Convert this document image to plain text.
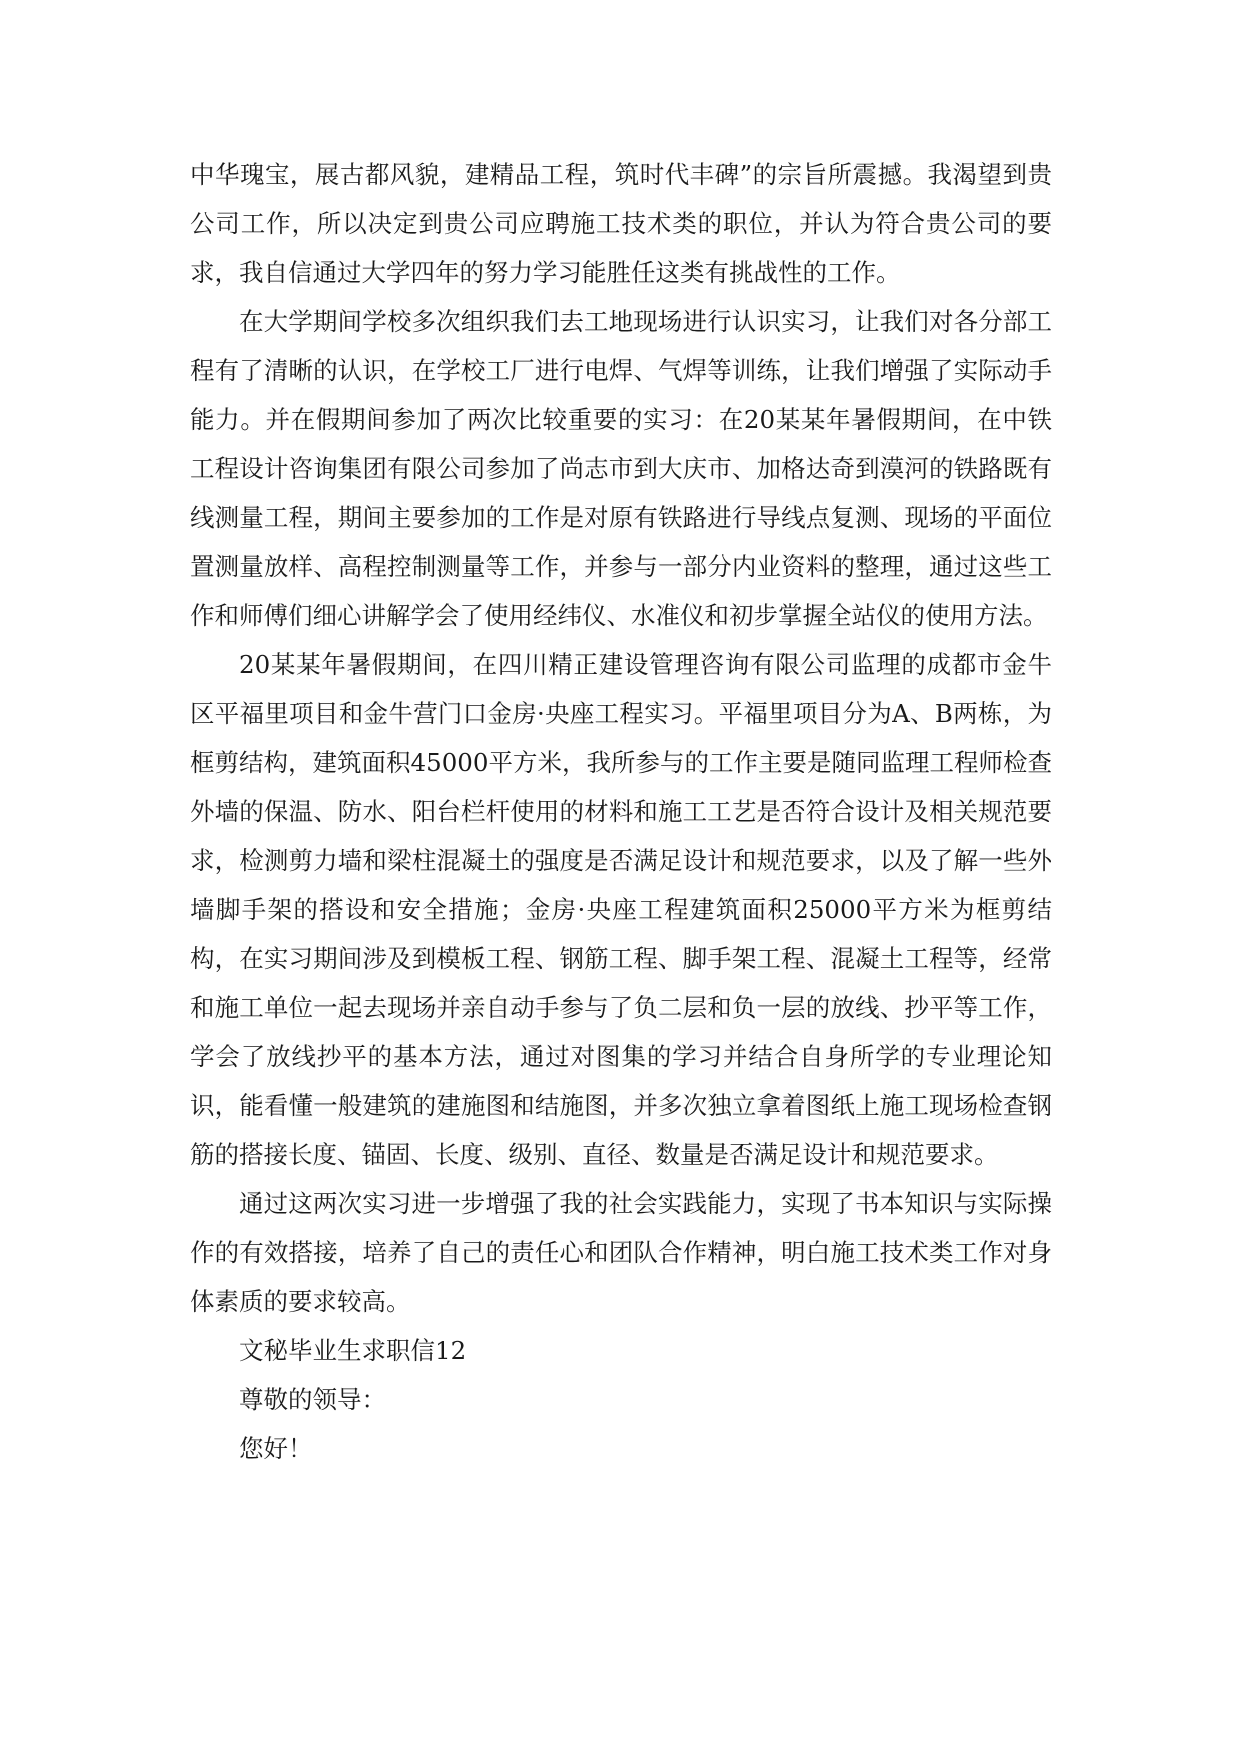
中华瑰宝，展古都风貌，建精品工程，筑时代丰碑”的宗旨所震撼。我渴望到贵公司工作，所以决定到贵公司应聘施工技术类的职位，并认为符合贵公司的要求，我自信通过大学四年的努力学习能胜任这类有挑战性的工作。

在大学期间学校多次组织我们去工地现场进行认识实习，让我们对各分部工程有了清晰的认识，在学校工厂进行电焊、气焊等训练，让我们增强了实际动手能力。并在假期间参加了两次比较重要的实习：在20某某年暑假期间，在中铁工程设计咨询集团有限公司参加了尚志市到大庆市、加格达奇到漠河的铁路既有线测量工程，期间主要参加的工作是对原有铁路进行导线点复测、现场的平面位置测量放样、高程控制测量等工作，并参与一部分内业资料的整理，通过这些工作和师傅们细心讲解学会了使用经纬仪、水准仪和初步掌握全站仪的使用方法。

20某某年暑假期间，在四川精正建设管理咨询有限公司监理的成都市金牛区平福里项目和金牛营门口金房·央座工程实习。平福里项目分为A、B两栋，为框剪结构，建筑面积45000平方米，我所参与的工作主要是随同监理工程师检查外墙的保温、防水、阳台栏杆使用的材料和施工工艺是否符合设计及相关规范要求，检测剪力墙和梁柱混凝土的强度是否满足设计和规范要求，以及了解一些外墙脚手架的搭设和安全措施；金房·央座工程建筑面积25000平方米为框剪结构，在实习期间涉及到模板工程、钢筋工程、脚手架工程、混凝土工程等，经常和施工单位一起去现场并亲自动手参与了负二层和负一层的放线、抄平等工作，学会了放线抄平的基本方法，通过对图集的学习并结合自身所学的专业理论知识，能看懂一般建筑的建施图和结施图，并多次独立拿着图纸上施工现场检查钢筋的搭接长度、锚固、长度、级别、直径、数量是否满足设计和规范要求。

通过这两次实习进一步增强了我的社会实践能力，实现了书本知识与实际操作的有效搭接，培养了自己的责任心和团队合作精神，明白施工技术类工作对身体素质的要求较高。

文秘毕业生求职信12

尊敬的领导：

您好！
